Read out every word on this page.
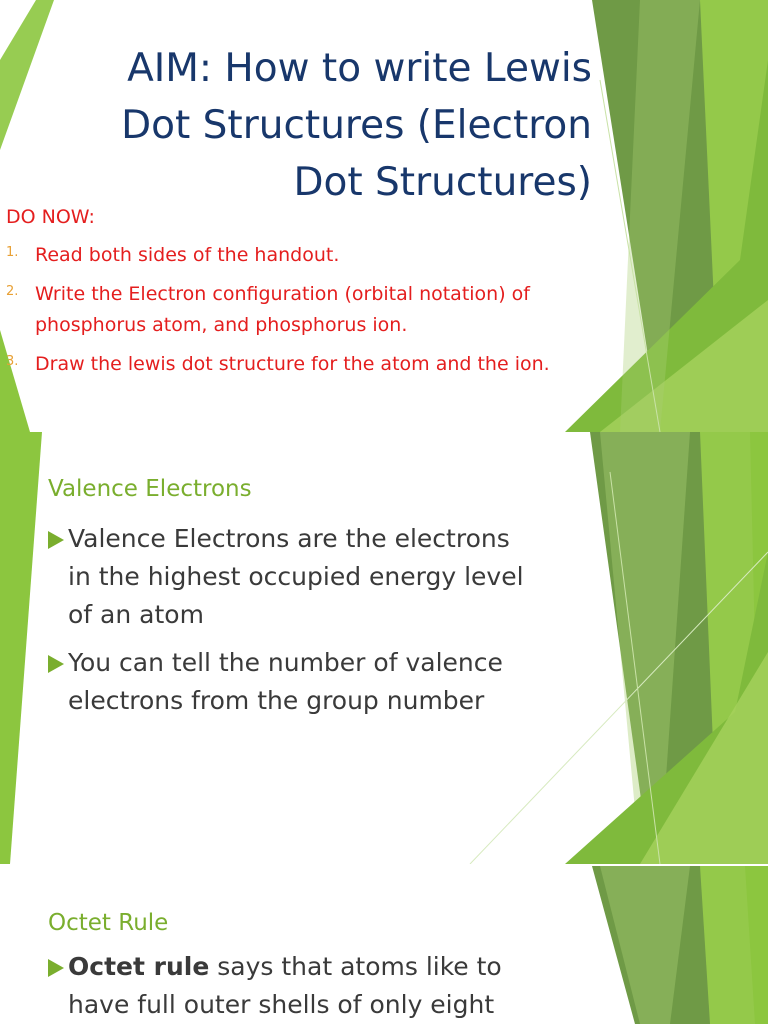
AIM: How to write Lewis
Dot Structures (Electron
Dot Structures)

DO NOW:

1. Read both sides of the handout.
2. Write the Electron configuration (orbital notation) of
phosphorus atom, and phosphorus ion.
3. Draw the lewis dot structure for the atom and the ion.
Valence Electrons
Valence Electrons are the electrons
in the highest occupied energy level
of an atom
You can tell the number of valence
electrons from the group number
Octet Rule
Octet rule says that atoms like to
have full outer shells of only eight
